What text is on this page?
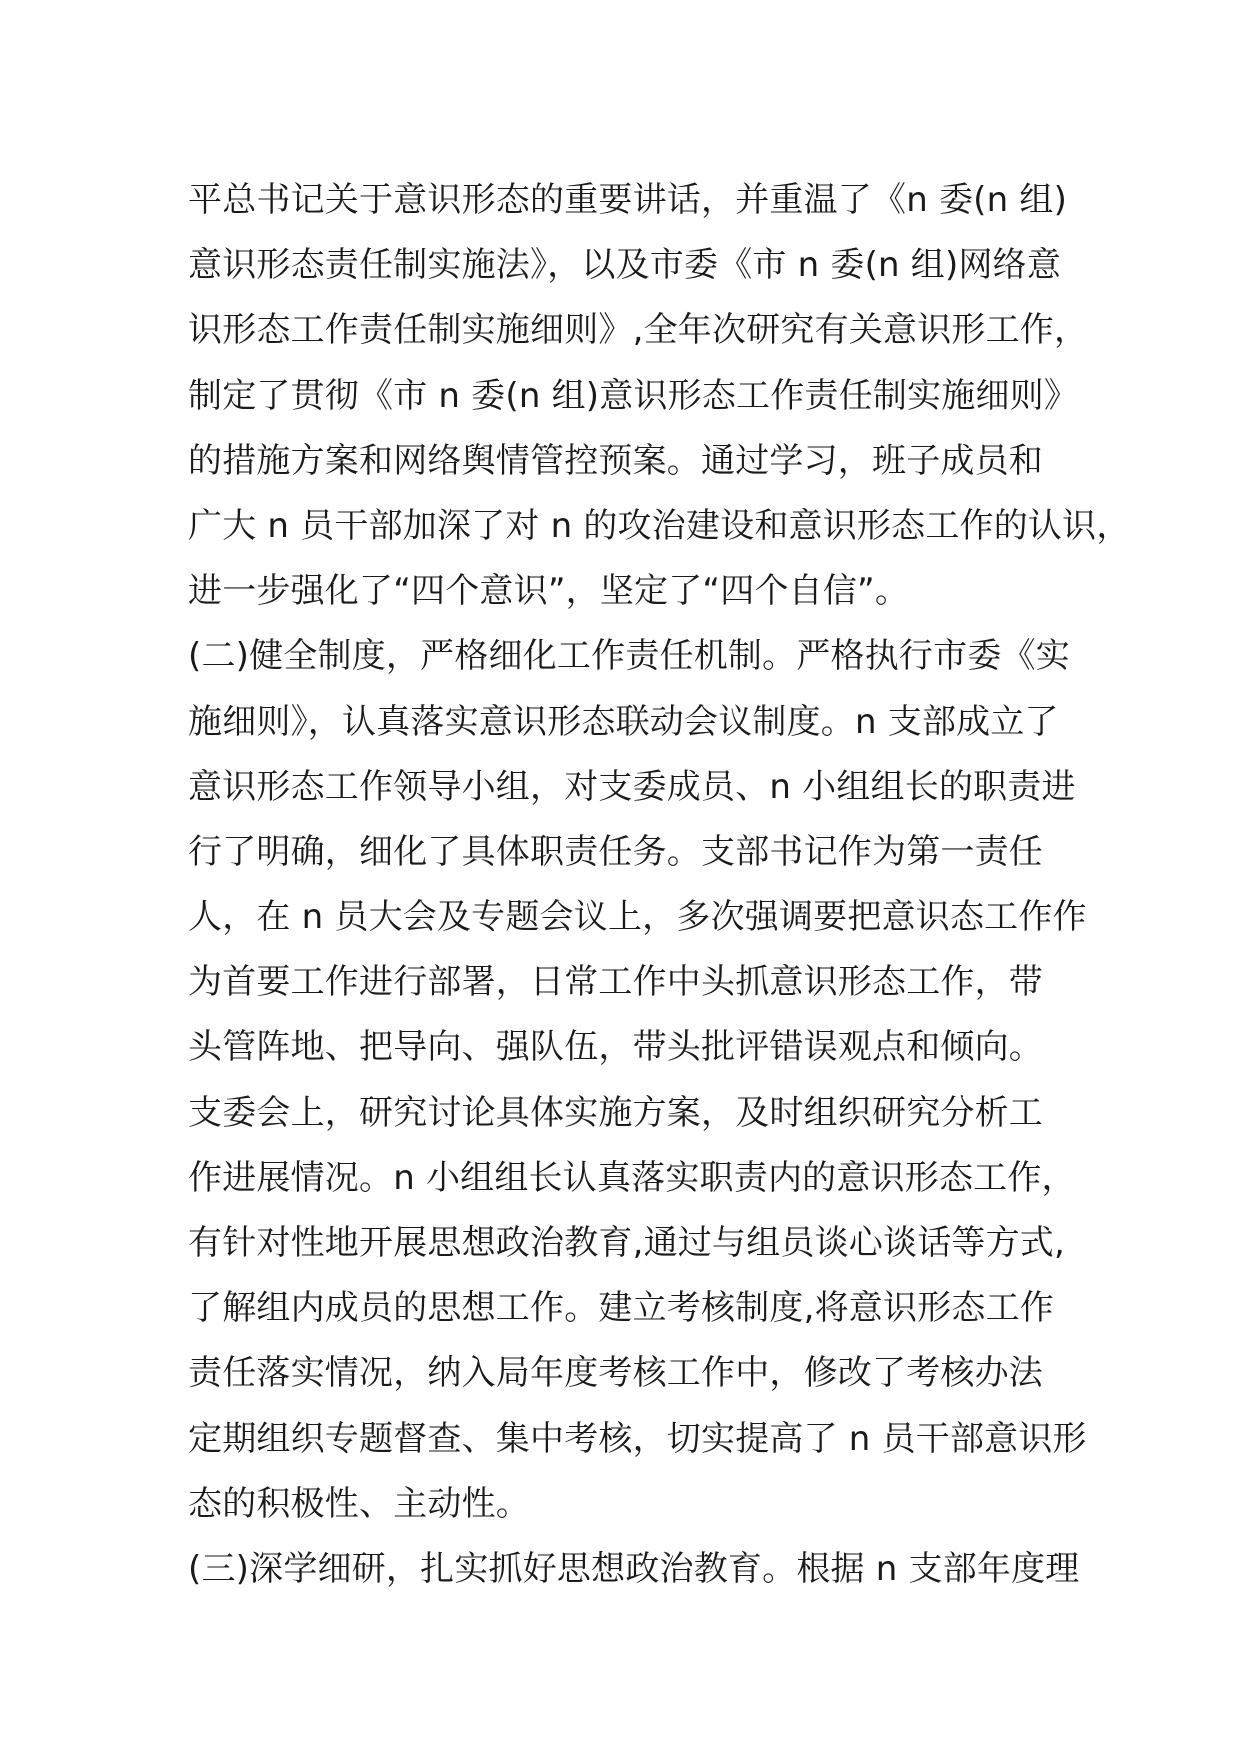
平总书记关于意识形态的重要讲话，并重温了《n 委(n 组)
意识形态责任制实施法》，以及市委《市 n 委(n 组)网络意
识形态工作责任制实施细则》,全年次研究有关意识形工作，
制定了贯彻《市 n 委(n 组)意识形态工作责任制实施细则》
的措施方案和网络舆情管控预案。通过学习，班子成员和
广大 n 员干部加深了对 n 的攻治建设和意识形态工作的认识，
进一步强化了“四个意识”，坚定了“四个自信”。
(二)健全制度，严格细化工作责任机制。严格执行市委《实
施细则》，认真落实意识形态联动会议制度。n 支部成立了
意识形态工作领导小组，对支委成员、n 小组组长的职责进
行了明确，细化了具体职责任务。支部书记作为第一责任
人，在 n 员大会及专题会议上，多次强调要把意识态工作作
为首要工作进行部署，日常工作中头抓意识形态工作，带
头管阵地、把导向、强队伍，带头批评错误观点和倾向。
支委会上，研究讨论具体实施方案，及时组织研究分析工
作进展情况。n 小组组长认真落实职责内的意识形态工作，
有针对性地开展思想政治教育,通过与组员谈心谈话等方式,
了解组内成员的思想工作。建立考核制度,将意识形态工作
责任落实情况，纳入局年度考核工作中，修改了考核办法
定期组织专题督查、集中考核，切实提高了 n 员干部意识形
态的积极性、主动性。
(三)深学细研，扎实抓好思想政治教育。根据 n 支部年度理
